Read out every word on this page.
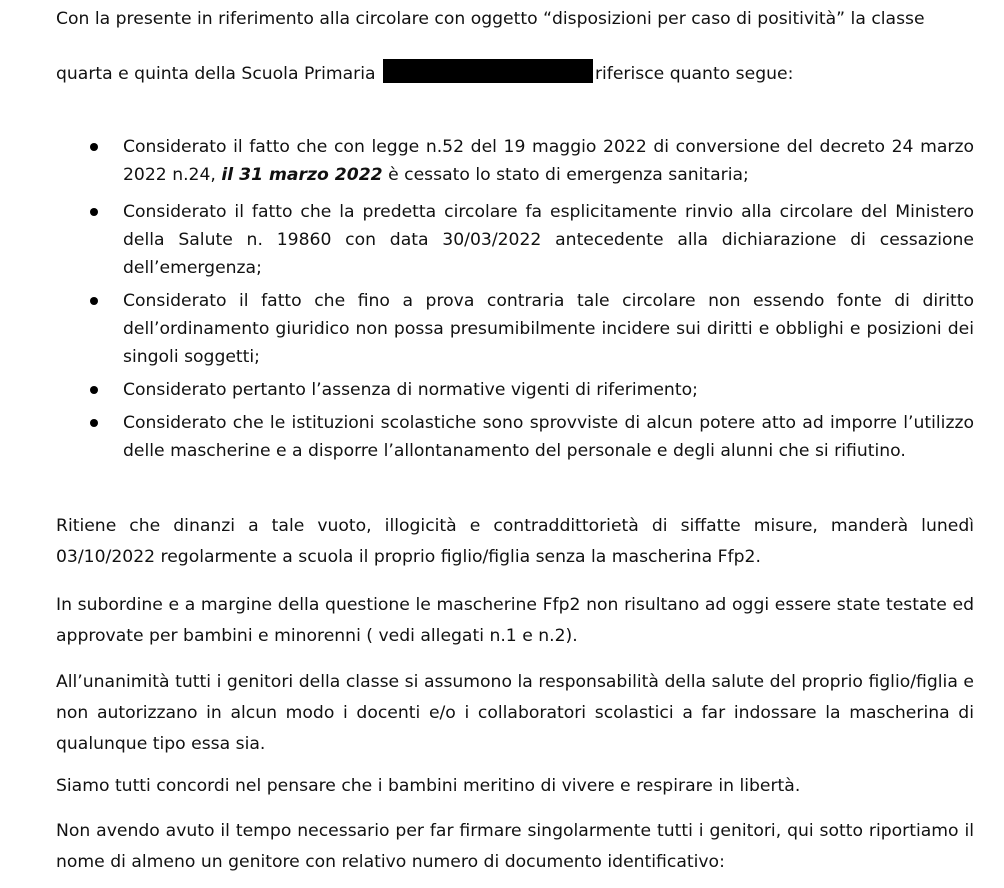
Con la presente in riferimento alla circolare con oggetto “disposizioni per caso di positività” la classe

quarta e quinta della Scuola Primaria	riferisce quanto segue:

Considerato il fatto che con legge n.52 del 19 maggio 2022 di conversione del decreto 24 marzo 2022 n.24, il 31 marzo 2022 è cessato lo stato di emergenza sanitaria;

Considerato il fatto che la predetta circolare fa esplicitamente rinvio alla circolare del Ministero della Salute n. 19860 con data 30/03/2022 antecedente alla dichiarazione di cessazione dell’emergenza;

Considerato il fatto che fino a prova contraria tale circolare non essendo fonte di diritto dell’ordinamento giuridico non possa presumibilmente incidere sui diritti e obblighi e posizioni dei singoli soggetti;

Considerato pertanto l’assenza di normative vigenti di riferimento;

Considerato che le istituzioni scolastiche sono sprovviste di alcun potere atto ad imporre l’utilizzo delle mascherine e a disporre l’allontanamento del personale e degli alunni che si rifiutino.

Ritiene che dinanzi a tale vuoto, illogicità e contraddittorietà di siffatte misure, manderà lunedì 03/10/2022 regolarmente a scuola il proprio figlio/figlia senza la mascherina Ffp2.

In subordine e a margine della questione le mascherine Ffp2 non risultano ad oggi essere state testate ed approvate per bambini e minorenni ( vedi allegati n.1 e n.2).

All’unanimità tutti i genitori della classe si assumono la responsabilità della salute del proprio figlio/figlia e non autorizzano in alcun modo i docenti e/o i collaboratori scolastici a far indossare la mascherina di qualunque tipo essa sia.

Siamo tutti concordi nel pensare che i bambini meritino di vivere e respirare in libertà.

Non avendo avuto il tempo necessario per far firmare singolarmente tutti i genitori, qui sotto riportiamo il nome di almeno un genitore con relativo numero di documento identificativo:
